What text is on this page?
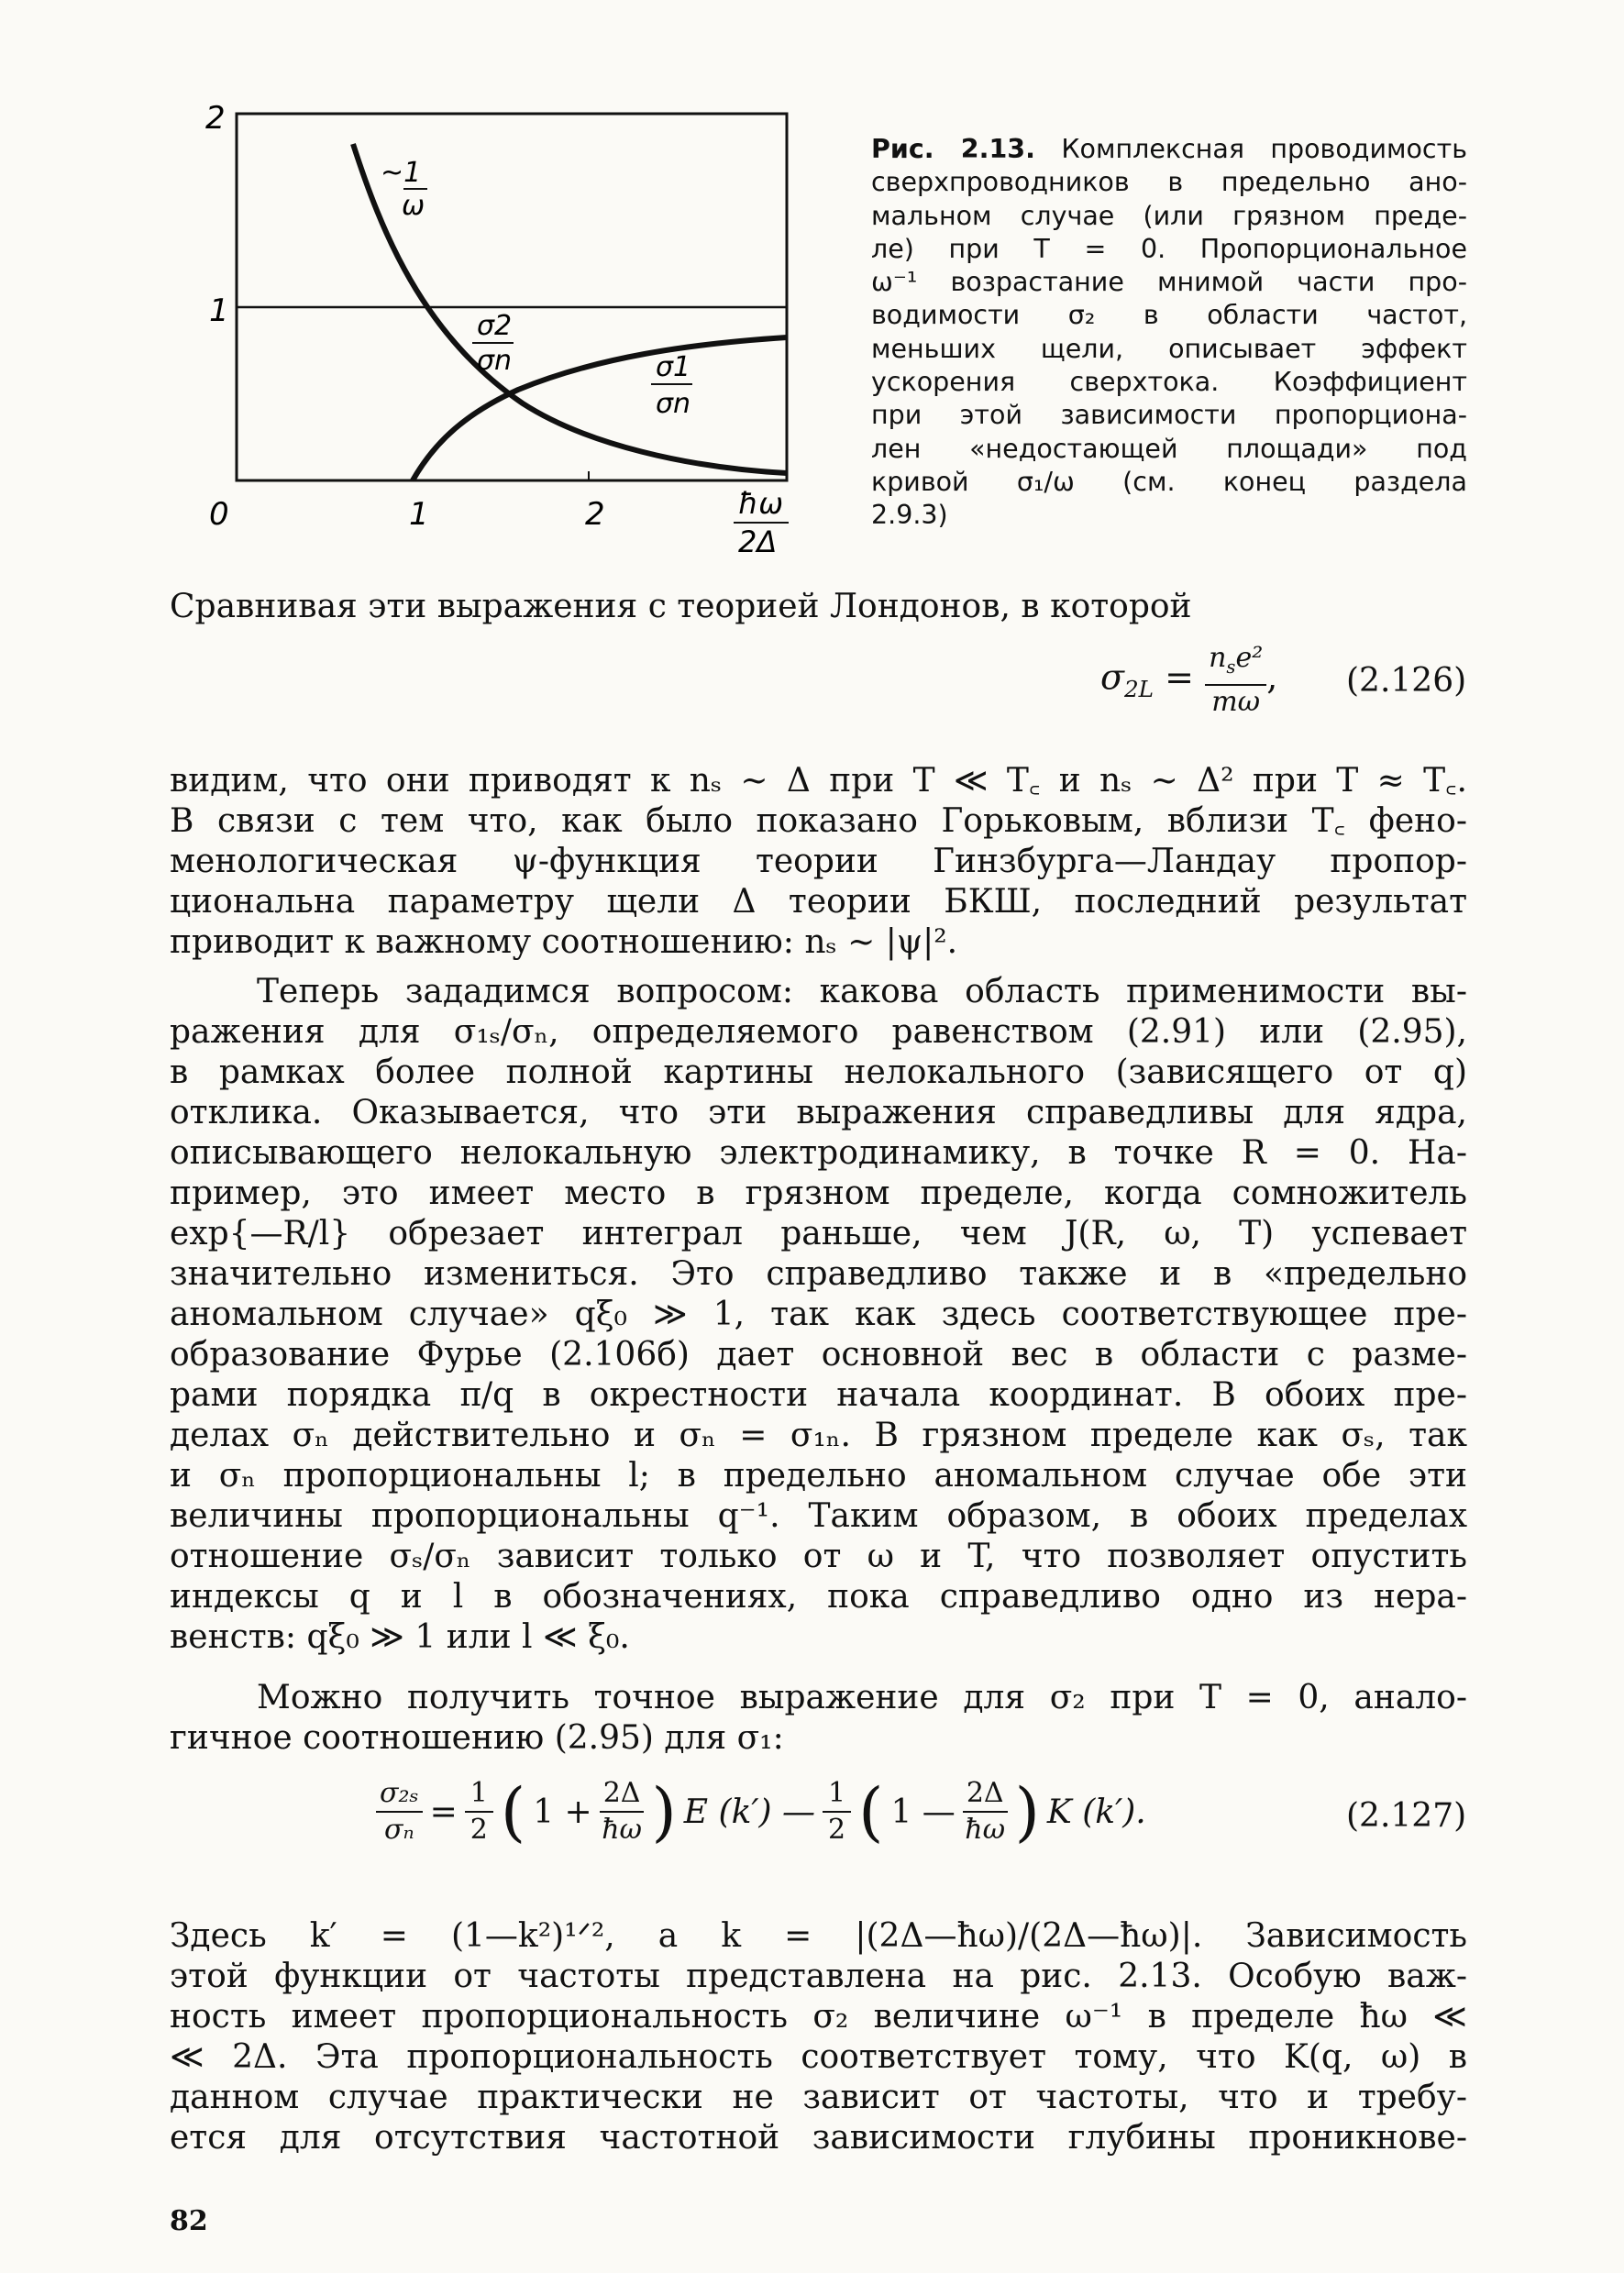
2
1
0	1	2	ħω
2Δ
~1
ω
σ2
σn	σ1
σn
Рис. 2.13. Комплексная проводимость
сверхпроводников в предельно ано-
мальном случае (или грязном преде-
ле) при T = 0. Пропорциональное
ω⁻¹ возрастание мнимой части про-
водимости σ₂ в области частот,
меньших щели, описывает эффект
ускорения сверхтока. Коэффициент
при этой зависимости пропорциона-
лен «недостающей площади» под
кривой σ₁/ω (см. конец раздела
2.9.3)
Сравнивая эти выражения с теорией Лондонов, в которой
$\sigma_{2L} = n_se^2$
mω
, (2.126)
видим, что они приводят к nₛ ~ Δ при T ≪ T꜀ и nₛ ~ Δ² при T ≈ T꜀.
В связи с тем что, как было показано Горьковым, вблизи T꜀ фено-
менологическая ψ-функция теории Гинзбурга—Ландау пропор-
циональна параметру щели Δ теории БКШ, последний результат
приводит к важному соотношению: nₛ ~ |ψ|².
Теперь зададимся вопросом: какова область применимости вы-
ражения для σ₁ₛ/σₙ, определяемого равенством (2.91) или (2.95),
в рамках более полной картины нелокального (зависящего от q)
отклика. Оказывается, что эти выражения справедливы для ядра,
описывающего нелокальную электродинамику, в точке R = 0. На-
пример, это имеет место в грязном пределе, когда сомножитель
exp{—R/l} обрезает интеграл раньше, чем J(R, ω, T) успевает
значительно измениться. Это справедливо также и в «предельно
аномальном случае» qξ₀ ≫ 1, так как здесь соответствующее пре-
образование Фурье (2.106б) дает основной вес в области с разме-
рами порядка π/q в окрестности начала координат. В обоих пре-
делах σₙ действительно и σₙ = σ₁ₙ. В грязном пределе как σₛ, так
и σₙ пропорциональны l; в предельно аномальном случае обе эти
величины пропорциональны q⁻¹. Таким образом, в обоих пределах
отношение σₛ/σₙ зависит только от ω и T, что позволяет опустить
индексы q и l в обозначениях, пока справедливо одно из нера-
венств: qξ₀ ≫ 1 или l ≪ ξ₀.
Можно получить точное выражение для σ₂ при T = 0, анало-
гичное соотношению (2.95) для σ₁:
$\frac{\text{σ₂ₛ}}{\text{σₙ}} = \frac{1}{2}$ ( $1 + \frac{2\Delta}{ħ\omega}$ ) E (k′) — $\frac{1}{2}$ ( 1 — $\frac{2\Delta}{ħ\omega}$ ) K (k′).	(2.127)
Здесь k′ = (1—k²)¹ᐟ², а k = |(2Δ—ħω)/(2Δ—ħω)|. Зависимость
этой функции от частоты представлена на рис. 2.13. Особую важ-
ность имеет пропорциональность σ₂ величине ω⁻¹ в пределе ħω ≪
≪ 2Δ. Эта пропорциональность соответствует тому, что K(q, ω) в
данном случае практически не зависит от частоты, что и требу-
ется для отсутствия частотной зависимости глубины проникнове-
82
